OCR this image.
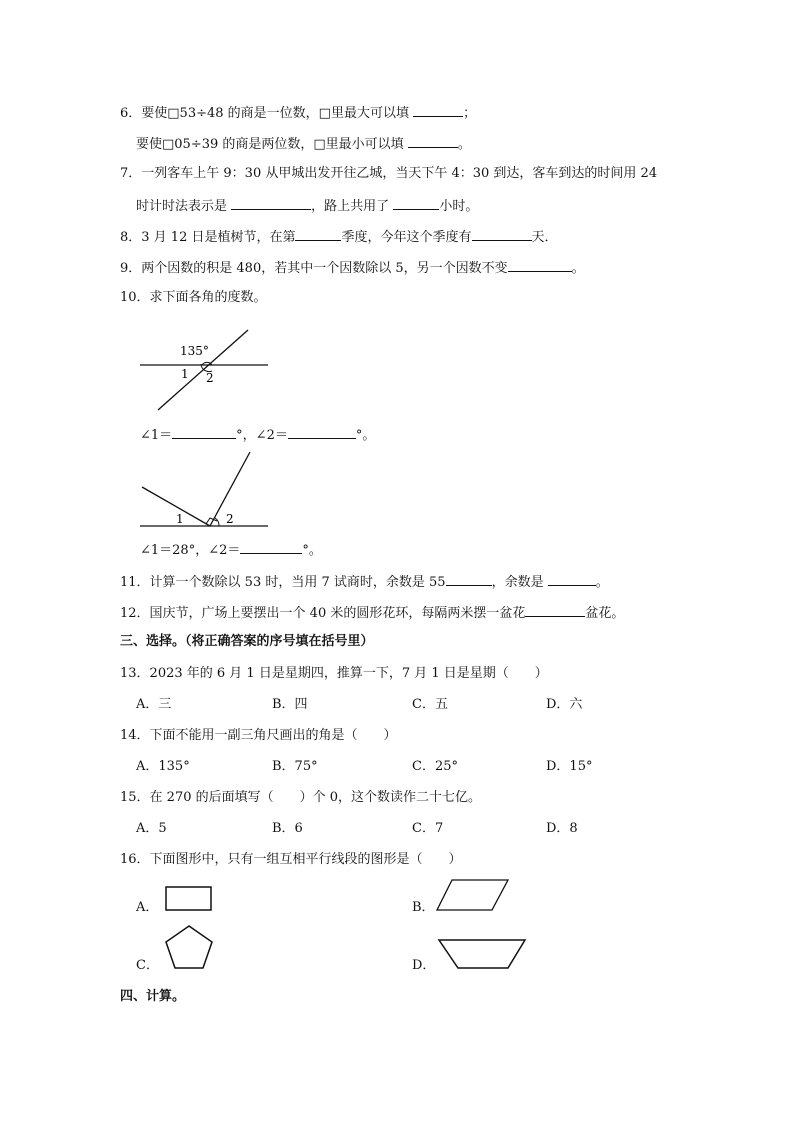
6．要使□53÷48 的商是一位数，□里最大可以填	；
要使□05÷39 的商是两位数，□里最小可以填	。
7．一列客车上午 9：30 从甲城出发开往乙城，当天下午 4：30 到达，客车到达的时间用 24
时计时法表示是	，路上共用了	小时。
8．3 月 12 日是植树节，在第	季度，今年这个季度有	天．
9．两个因数的积是 480，若其中一个因数除以 5，另一个因数不变	。
10．求下面各角的度数。
135°
1 2
∠1＝	°，∠2＝	°。
1	2
∠1＝28°，∠2＝	°。
11．计算一个数除以 53 时，当用 7 试商时，余数是 55	，余数是	。
12．国庆节，广场上要摆出一个 40 米的圆形花环，每隔两米摆一盆花	盆花。
三、选择。（将正确答案的序号填在括号里）
13．2023 年的 6 月 1 日是星期四，推算一下，7 月 1 日是星期（　　）
A．三	B．四	C．五	D．六
14．下面不能用一副三角尺画出的角是（　　）
A．135°	B．75°	C．25°	D．15°
15．在 270 的后面填写（　　）个 0，这个数读作二十七亿。
A．5	B．6	C．7	D．8
16．下面图形中，只有一组互相平行线段的图形是（　　）
A．	B．
C．	D．
四、计算。
